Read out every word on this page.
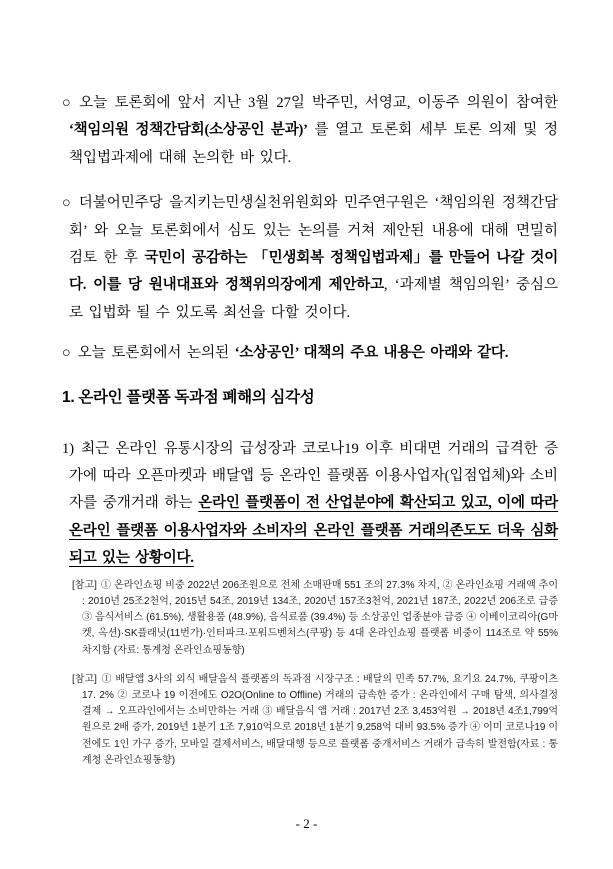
○ 오늘 토론회에 앞서 지난 3월 27일 박주민, 서영교, 이동주 의원이 참여한 ‘책임의원 정책간담회(소상공인 분과)’ 를 열고 토론회 세부 토론 의제 및 정책입법과제에 대해 논의한 바 있다.

○ 더불어민주당 을지키는민생실천위원회와 민주연구원은 ‘책임의원 정책간담회’ 와 오늘 토론회에서 심도 있는 논의를 거쳐 제안된 내용에 대해 면밀히 검토 한 후 국민이 공감하는 「민생회복 정책입법과제」를 만들어 나갈 것이다. 이를 당 원내대표와 정책위의장에게 제안하고, ‘과제별 책임의원’ 중심으로 입법화 될 수 있도록 최선을 다할 것이다.

○ 오늘 토론회에서 논의된 ‘소상공인’ 대책의 주요 내용은 아래와 같다.

1. 온라인 플랫폼 독과점 폐해의 심각성

1) 최근 온라인 유통시장의 급성장과 코로나19 이후 비대면 거래의 급격한 증가에 따라 오픈마켓과 배달앱 등 온라인 플랫폼 이용사업자(입점업체)와 소비자를 중개거래 하는 온라인 플랫폼이 전 산업분야에 확산되고 있고, 이에 따라 온라인 플랫폼 이용사업자와 소비자의 온라인 플랫폼 거래의존도도 더욱 심화되고 있는 상황이다.

[참고] ① 온라인쇼핑 비중 2022년 206조원으로 전체 소매판매 551 조의 27.3% 차지, ② 온라인쇼핑 거래액 추이 : 2010년 25조2천억, 2015년 54조, 2019년 134조, 2020년 157조3천억, 2021년 187조, 2022년 206조로 급증 ③ 음식서비스 (61.5%), 생활용품 (48.9%), 음식료품 (39.4%) 등 소상공인 업종분야 급증 ④ 이베이코리아(G마켓, 옥션)·SK플래닛(11번가)·인터파크·포워드벤처스(쿠팡) 등 4대 온라인쇼핑 플랫폼 비중이 114조로 약 55% 차지함 (자료: 통계청 온라인쇼핑동향)

[참고] ① 배달앱 3사의 외식 배달음식 플랫폼의 독과점 시장구조 : 배달의 민족 57.7%, 요기요 24.7%, 쿠팡이츠 17. 2% ② 코로나 19 이전에도 O2O(Online to Offline) 거래의 급속한 증가 : 온라인에서 구매 탐색, 의사결정 결제 → 오프라인에서는 소비만하는 거래 ③ 배달음식 앱 거래 : 2017년 2조 3,453억원 → 2018년 4조1,799억원으로 2배 증가, 2019년 1분기 1조 7,910억으로 2018년 1분기 9,258억 대비 93.5% 증가 ④ 이미 코로나19 이전에도 1인 가구 증가, 모바일 결제서비스, 배달대행 등으로 플랫폼 중개서비스 거래가 급속히 발전함(자료 : 통계청 온라인쇼핑동향)

- 2 -
